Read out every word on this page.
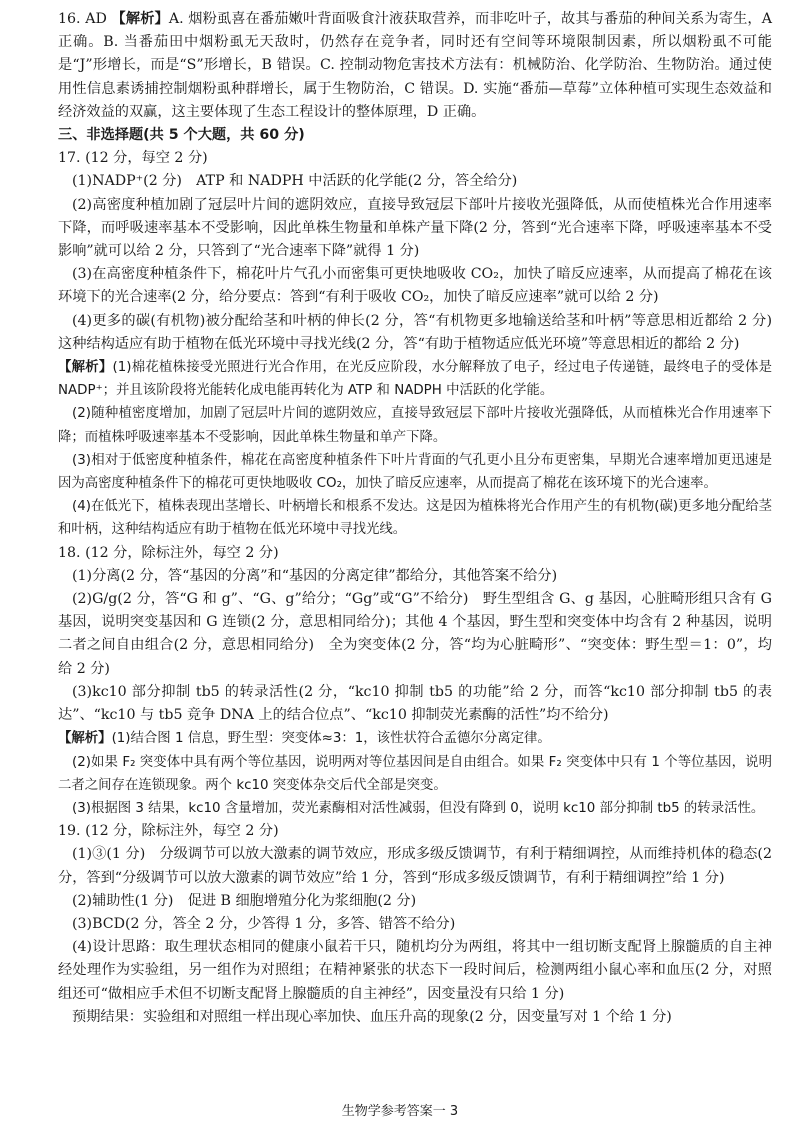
16. AD 【解析】A. 烟粉虱喜在番茄嫩叶背面吸食汁液获取营养，而非吃叶子，故其与番茄的种间关系为寄生，A 正确。B. 当番茄田中烟粉虱无天敌时，仍然存在竞争者，同时还有空间等环境限制因素，所以烟粉虱不可能是“J”形增长，而是“S”形增长，B 错误。C. 控制动物危害技术方法有：机械防治、化学防治、生物防治。通过使用性信息素诱捕控制烟粉虱种群增长，属于生物防治，C 错误。D. 实施“番茄—草莓”立体种植可实现生态效益和经济效益的双赢，这主要体现了生态工程设计的整体原理，D 正确。

三、非选择题(共 5 个大题，共 60 分)

17. (12 分，每空 2 分)

(1)NADP⁺(2 分)　ATP 和 NADPH 中活跃的化学能(2 分，答全给分)

(2)高密度种植加剧了冠层叶片间的遮阴效应，直接导致冠层下部叶片接收光强降低，从而使植株光合作用速率下降，而呼吸速率基本不受影响，因此单株生物量和单株产量下降(2 分，答到“光合速率下降，呼吸速率基本不受影响”就可以给 2 分，只答到了“光合速率下降”就得 1 分)

(3)在高密度种植条件下，棉花叶片气孔小而密集可更快地吸收 CO₂，加快了暗反应速率，从而提高了棉花在该环境下的光合速率(2 分，给分要点：答到“有利于吸收 CO₂，加快了暗反应速率”就可以给 2 分)

(4)更多的碳(有机物)被分配给茎和叶柄的伸长(2 分，答“有机物更多地输送给茎和叶柄”等意思相近都给 2 分)　这种结构适应有助于植物在低光环境中寻找光线(2 分，答“有助于植物适应低光环境”等意思相近的都给 2 分)

【解析】(1)棉花植株接受光照进行光合作用，在光反应阶段，水分解释放了电子，经过电子传递链，最终电子的受体是 NADP⁺；并且该阶段将光能转化成电能再转化为 ATP 和 NADPH 中活跃的化学能。

(2)随种植密度增加，加剧了冠层叶片间的遮阴效应，直接导致冠层下部叶片接收光强降低，从而植株光合作用速率下降；而植株呼吸速率基本不受影响，因此单株生物量和单产下降。

(3)相对于低密度种植条件，棉花在高密度种植条件下叶片背面的气孔更小且分布更密集，早期光合速率增加更迅速是因为高密度种植条件下的棉花可更快地吸收 CO₂，加快了暗反应速率，从而提高了棉花在该环境下的光合速率。

(4)在低光下，植株表现出茎增长、叶柄增长和根系不发达。这是因为植株将光合作用产生的有机物(碳)更多地分配给茎和叶柄，这种结构适应有助于植物在低光环境中寻找光线。

18. (12 分，除标注外，每空 2 分)

(1)分离(2 分，答“基因的分离”和“基因的分离定律”都给分，其他答案不给分)

(2)G/g(2 分，答“G 和 g”、“G、g”给分；“Gg”或“G”不给分)　野生型组含 G、g 基因，心脏畸形组只含有 G 基因，说明突变基因和 G 连锁(2 分，意思相同给分)；其他 4 个基因，野生型和突变体中均含有 2 种基因，说明二者之间自由组合(2 分，意思相同给分)　全为突变体(2 分，答“均为心脏畸形”、“突变体：野生型＝1：0”，均给 2 分)

(3)kc10 部分抑制 tb5 的转录活性(2 分，“kc10 抑制 tb5 的功能”给 2 分，而答“kc10 部分抑制 tb5 的表达”、“kc10 与 tb5 竞争 DNA 上的结合位点”、“kc10 抑制荧光素酶的活性”均不给分)

【解析】(1)结合图 1 信息，野生型：突变体≈3：1，该性状符合孟德尔分离定律。

(2)如果 F₂ 突变体中具有两个等位基因，说明两对等位基因间是自由组合。如果 F₂ 突变体中只有 1 个等位基因，说明二者之间存在连锁现象。两个 kc10 突变体杂交后代全部是突变。

(3)根据图 3 结果，kc10 含量增加，荧光素酶相对活性减弱，但没有降到 0，说明 kc10 部分抑制 tb5 的转录活性。

19. (12 分，除标注外，每空 2 分)

(1)③(1 分)　分级调节可以放大激素的调节效应，形成多级反馈调节，有利于精细调控，从而维持机体的稳态(2 分，答到“分级调节可以放大激素的调节效应”给 1 分，答到“形成多级反馈调节，有利于精细调控”给 1 分)

(2)辅助性(1 分)　促进 B 细胞增殖分化为浆细胞(2 分)

(3)BCD(2 分，答全 2 分，少答得 1 分，多答、错答不给分)

(4)设计思路：取生理状态相同的健康小鼠若干只，随机均分为两组，将其中一组切断支配肾上腺髓质的自主神经处理作为实验组，另一组作为对照组；在精神紧张的状态下一段时间后，检测两组小鼠心率和血压(2 分，对照组还可“做相应手术但不切断支配肾上腺髓质的自主神经”，因变量没有只给 1 分)

预期结果：实验组和对照组一样出现心率加快、血压升高的现象(2 分，因变量写对 1 个给 1 分)

生物学参考答案一 3
